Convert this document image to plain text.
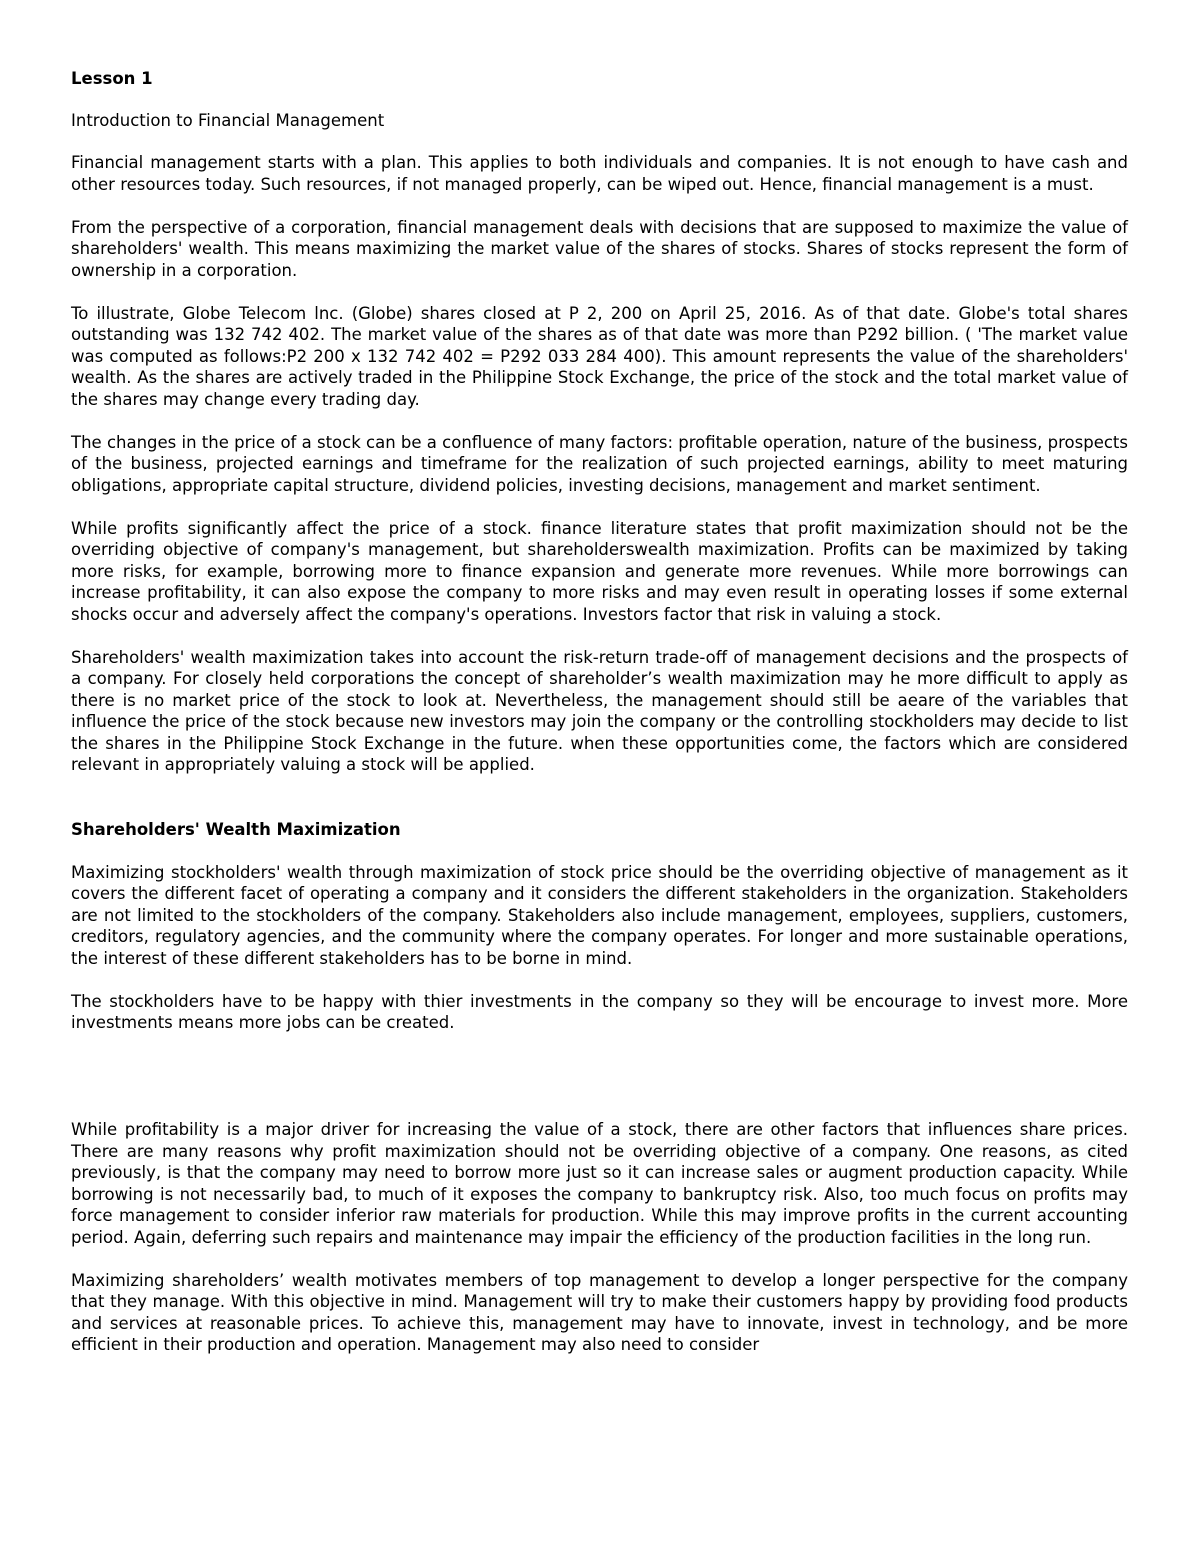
Lesson 1
Introduction to Financial Management
Financial management starts with a plan. This applies to both individuals and companies. It is not enough to have cash and other resources today. Such resources, if not managed properly, can be wiped out. Hence, financial management is a must.
From the perspective of a corporation, financial management deals with decisions that are supposed to maximize the value of shareholders' wealth. This means maximizing the market value of the shares of stocks. Shares of stocks represent the form of ownership in a corporation.
To illustrate, Globe Telecom lnc. (Globe) shares closed at P 2, 200 on April 25, 2016. As of that date. Globe's total shares outstanding was 132 742 402. The market value of the shares as of that date was more than P292 billion. ( 'The market value was computed as follows:P2 200 x 132 742 402 = P292 033 284 400). This amount represents the value of the shareholders' wealth. As the shares are actively traded in the Philippine Stock Exchange, the price of the stock and the total market value of the shares may change every trading day.
The changes in the price of a stock can be a confluence of many factors: profitable operation, nature of the business, prospects of the business, projected earnings and timeframe for the realization of such projected earnings, ability to meet maturing obligations, appropriate capital structure, dividend policies, investing decisions, management and market sentiment.
While profits significantly affect the price of a stock. finance literature states that profit maximization should not be the overriding objective of company's management, but shareholderswealth maximization. Profits can be maximized by taking more risks, for example, borrowing more to finance expansion and generate more revenues. While more borrowings can increase profitability, it can also expose the company to more risks and may even result in operating losses if some external shocks occur and adversely affect the company's operations. Investors factor that risk in valuing a stock.
Shareholders' wealth maximization takes into account the risk-return trade-off of management decisions and the prospects of a company. For closely held corporations the concept of shareholder’s wealth maximization may he more difficult to apply as there is no market price of the stock to look at. Nevertheless, the management should still be aeare of the variables that influence the price of the stock because new investors may join the company or the controlling stockholders may decide to list the shares in the Philippine Stock Exchange in the future. when these opportunities come, the factors which are considered relevant in appropriately valuing a stock will be applied.
Shareholders' Wealth Maximization
Maximizing stockholders' wealth through maximization of stock price should be the overriding objective of management as it covers the different facet of operating a company and it considers the different stakeholders in the organization. Stakeholders are not limited to the stockholders of the company. Stakeholders also include management, employees, suppliers, customers, creditors, regulatory agencies, and the community where the company operates. For longer and more sustainable operations, the interest of these different stakeholders has to be borne in mind.
The stockholders have to be happy with thier investments in the company so they will be encourage to invest more. More investments means more jobs can be created.
While profitability is a major driver for increasing the value of a stock, there are other factors that influences share prices. There are many reasons why profit maximization should not be overriding objective of a company. One reasons, as cited previously, is that the company may need to borrow more just so it can increase sales or augment production capacity. While borrowing is not necessarily bad, to much of it exposes the company to bankruptcy risk. Also, too much focus on profits may force management to consider inferior raw materials for production. While this may improve profits in the current accounting period. Again, deferring such repairs and maintenance may impair the efficiency of the production facilities in the long run.
Maximizing shareholders’ wealth motivates members of top management to develop a longer perspective for the company that they manage. With this objective in mind. Management will try to make their customers happy by providing food products and services at reasonable prices. To achieve this, management may have to innovate, invest in technology, and be more efficient in their production and operation. Management may also need to consider
